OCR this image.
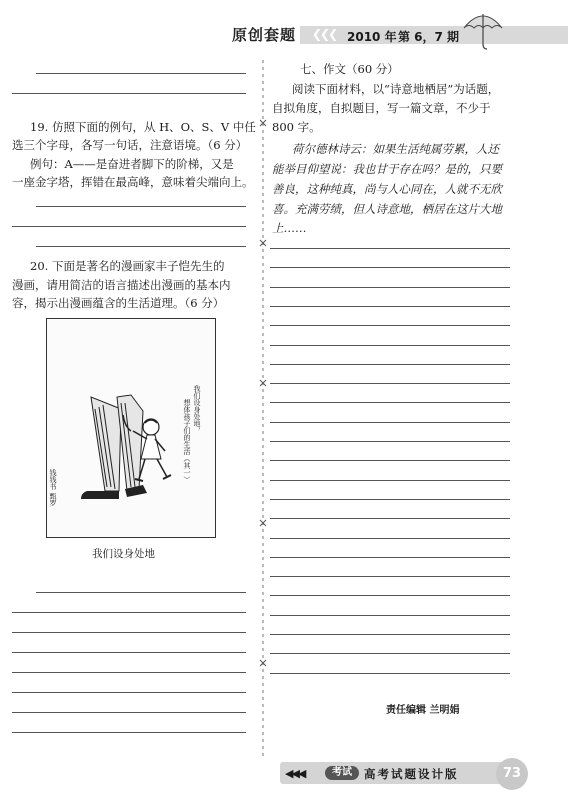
原创套题 ❮❮❮ 2010 年 第 6，7 期
19. 仿照下面的例句，从 H、O、S、V 中任
选三个字母，各写一句话，注意语境。（6 分）
例句：A——是奋进者脚下的阶梯，又是
一座金字塔，挥错在最高峰，意味着尖端向上。
20. 下面是著名的漫画家丰子恺先生的
漫画，请用简洁的语言描述出漫画的基本内
容，揭示出漫画蕴含的生活道理。（6 分）
我们设身处地，
想体孩子们的生活（其一）
钱钱书 甄罗
我们设身处地
七、作文（60 分）
阅读下面材料，以“诗意地栖居”为话题，
自拟角度，自拟题目，写一篇文章，不少于
800 字。
荷尔德林诗云：如果生活纯属劳累，人还
能举目仰望说：我也甘于存在吗？是的，只要
善良，这种纯真，尚与人心同在，人就不无欣
喜。充满劳绩，但人诗意地，栖居在这片大地
上……
责任编辑 兰明娟
◀◀◀	考试	高考试题设计版	73
